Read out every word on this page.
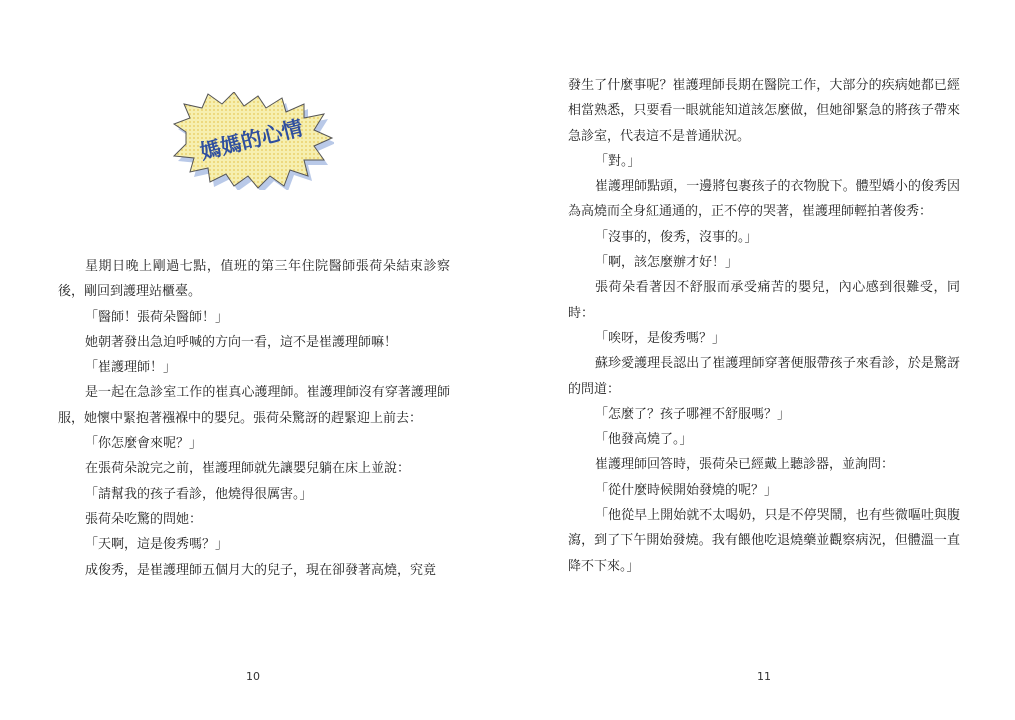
媽媽的心情

星期日晚上剛過七點，值班的第三年住院醫師張荷朵結束診察後，剛回到護理站櫃臺。

「醫師！張荷朵醫師！」

她朝著發出急迫呼喊的方向一看，這不是崔護理師嘛！

「崔護理師！」

是一起在急診室工作的崔真心護理師。崔護理師沒有穿著護理師服，她懷中緊抱著襁褓中的嬰兒。張荷朵驚訝的趕緊迎上前去：

「你怎麼會來呢？」

在張荷朵說完之前，崔護理師就先讓嬰兒躺在床上並說：

「請幫我的孩子看診，他燒得很厲害。」

張荷朵吃驚的問她：

「天啊，這是俊秀嗎？」

成俊秀，是崔護理師五個月大的兒子，現在卻發著高燒，究竟

10	11

發生了什麼事呢？崔護理師長期在醫院工作，大部分的疾病她都已經相當熟悉，只要看一眼就能知道該怎麼做，但她卻緊急的將孩子帶來急診室，代表這不是普通狀況。

「對。」

崔護理師點頭，一邊將包裹孩子的衣物脫下。體型嬌小的俊秀因為高燒而全身紅通通的，正不停的哭著，崔護理師輕拍著俊秀：

「沒事的，俊秀，沒事的。」

「啊，該怎麼辦才好！」

張荷朵看著因不舒服而承受痛苦的嬰兒，內心感到很難受，同時：

「唉呀，是俊秀嗎？」

蘇珍愛護理長認出了崔護理師穿著便服帶孩子來看診，於是驚訝的問道：

「怎麼了？孩子哪裡不舒服嗎？」

「他發高燒了。」

崔護理師回答時，張荷朵已經戴上聽診器，並詢問：

「從什麼時候開始發燒的呢？」

「他從早上開始就不太喝奶，只是不停哭鬧，也有些微嘔吐與腹瀉，到了下午開始發燒。我有餵他吃退燒藥並觀察病況，但體溫一直降不下來。」
